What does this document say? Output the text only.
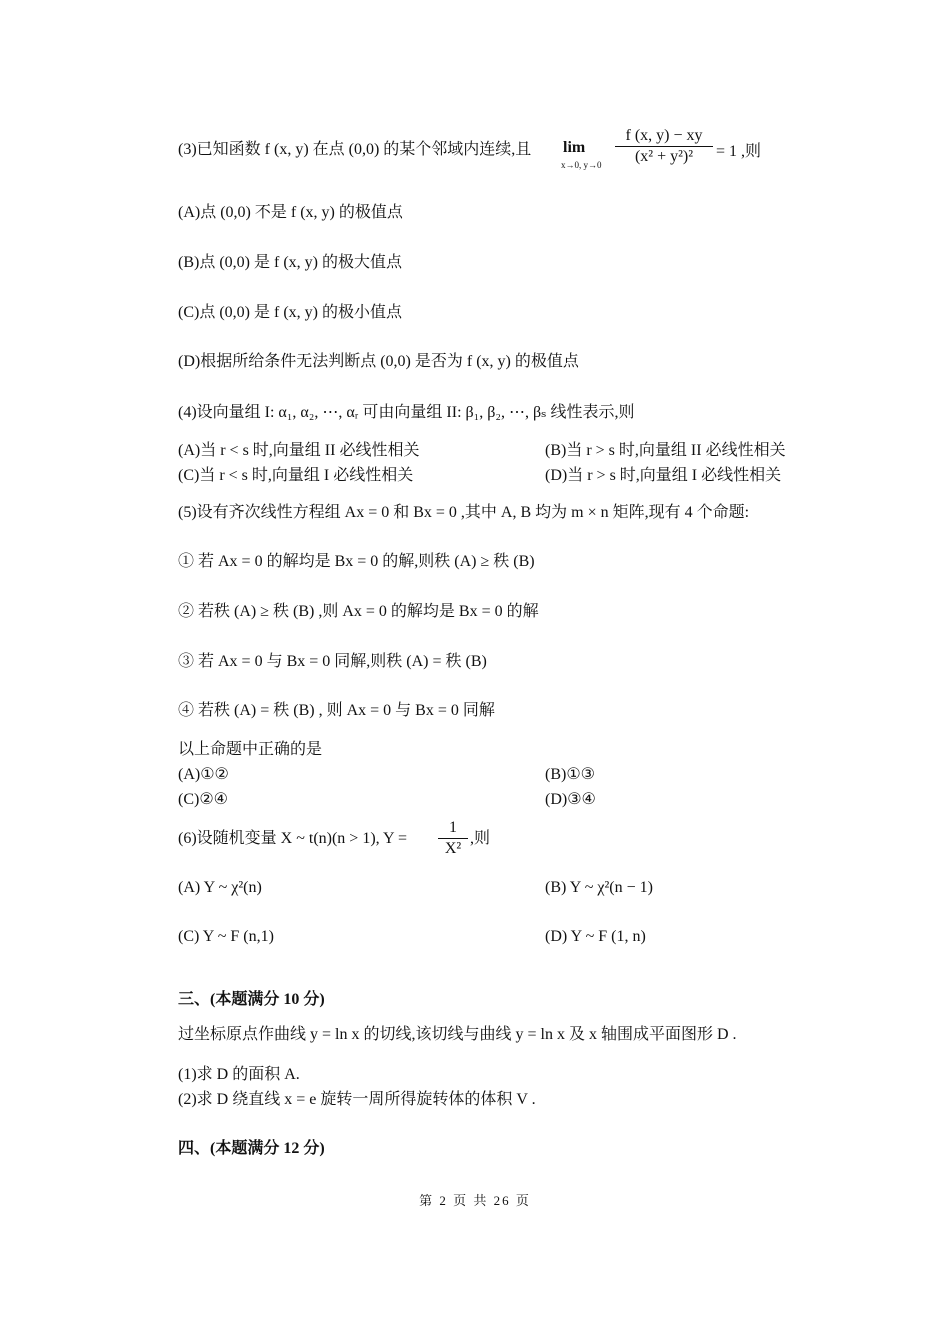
(3)已知函数 f (x, y) 在点 (0,0) 的某个邻域内连续,且 lim
x→0, $y\to 0 \frac{f (x, y) - xy}{\text{(x² + y²)²}} = 1$ ,则
(A)点 (0,0) 不是 f (x, y) 的极值点
(B)点 (0,0) 是 f (x, y) 的极大值点
(C)点 (0,0) 是 f (x, y) 的极小值点
(D)根据所给条件无法判断点 (0,0) 是否为 f (x, y) 的极值点
(4)设向量组 I: α₁, α₂, ⋯, αᵣ 可由向量组 II: β₁, β₂, ⋯, βₛ 线性表示,则
(A)当 r < s 时,向量组 II 必线性相关	(B)当 r > s 时,向量组 II 必线性相关
(C)当 r < s 时,向量组 I 必线性相关	(D)当 r > s 时,向量组 I 必线性相关
(5)设有齐次线性方程组 Ax = 0 和 Bx = 0 ,其中 A, B 均为 m × n 矩阵,现有 4 个命题:
① 若 Ax = 0 的解均是 Bx = 0 的解,则秩 (A) ≥ 秩 (B)
② 若秩 (A) ≥ 秩 (B) ,则 Ax = 0 的解均是 Bx = 0 的解
③ 若 Ax = 0 与 Bx = 0 同解,则秩 (A) = 秩 (B)
④ 若秩 (A) = 秩 (B) , 则 Ax = 0 与 Bx = 0 同解
以上命题中正确的是
(A)①②	(B)①③
(C)②④	(D)③④
(6)设随机变量 X ~ t(n)(n > 1), $Y = \frac{1}{\text{X²}}$ ,则
(A) Y ~ χ²(n)	(B) Y ~ χ²(n − 1)
(C) Y ~ F (n,1)	(D) Y ~ F (1, n)
三、(本题满分 10 分)
过坐标原点作曲线 y = ln x 的切线,该切线与曲线 y = ln x 及 x 轴围成平面图形 D .
(1)求 D 的面积 A.
(2)求 D 绕直线 x = e 旋转一周所得旋转体的体积 V .
四、(本题满分 12 分)
第 2 页 共 26 页
